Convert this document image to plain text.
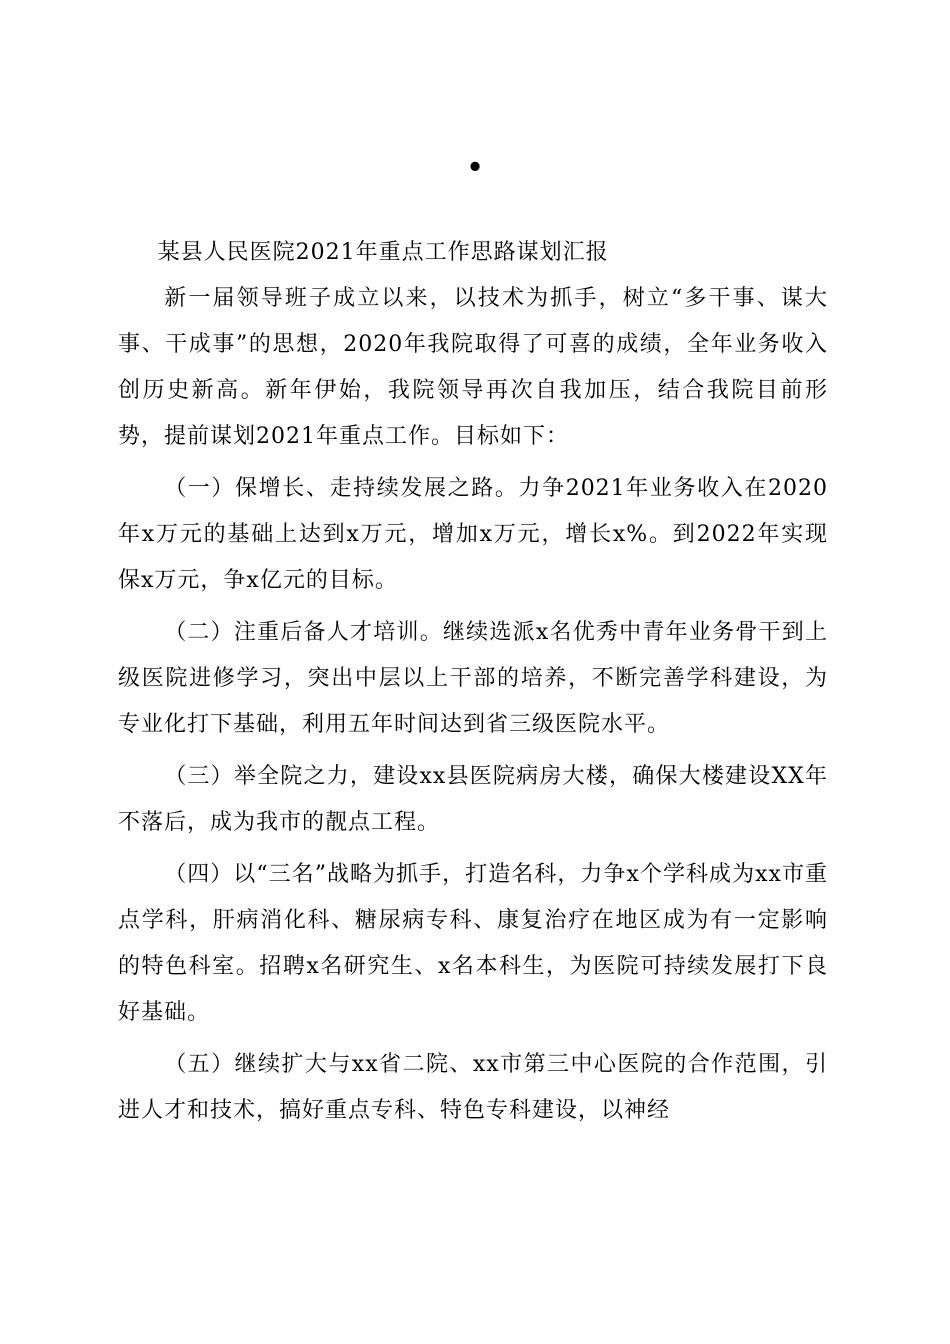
•

某县人民医院2021年重点工作思路谋划汇报

新一届领导班子成立以来，以技术为抓手，树立“多干事、谋大事、干成事”的思想，2020年我院取得了可喜的成绩，全年业务收入创历史新高。新年伊始，我院领导再次自我加压，结合我院目前形势，提前谋划2021年重点工作。目标如下：

（一）保增长、走持续发展之路。力争2021年业务收入在2020年x万元的基础上达到x万元，增加x万元，增长x%。到2022年实现保x万元，争x亿元的目标。

（二）注重后备人才培训。继续选派x名优秀中青年业务骨干到上级医院进修学习，突出中层以上干部的培养，不断完善学科建设，为专业化打下基础，利用五年时间达到省三级医院水平。

（三）举全院之力，建设xx县医院病房大楼，确保大楼建设XX年不落后，成为我市的靓点工程。

（四）以“三名”战略为抓手，打造名科，力争x个学科成为xx市重点学科，肝病消化科、糖尿病专科、康复治疗在地区成为有一定影响的特色科室。招聘x名研究生、x名本科生，为医院可持续发展打下良好基础。

（五）继续扩大与xx省二院、xx市第三中心医院的合作范围，引进人才和技术，搞好重点专科、特色专科建设，以神经
